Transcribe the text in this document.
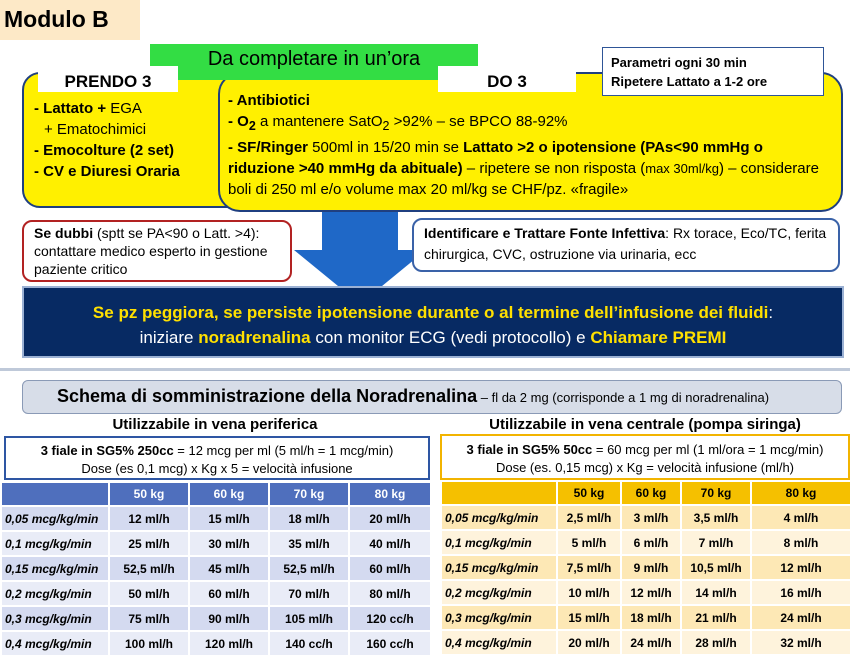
Modulo B
Da completare in un’ora	Parametri ogni 30 min
Ripetere Lattato a 1-2 ore
PRENDO 3	DO 3
- Lattato + EGA
+ Ematochimici
- Emocolture (2 set)
- CV e Diuresi Oraria
- Antibiotici
- $O_2$ a mantenere SatO$_2$ >92% – se BPCO 88-92%
- SF/Ringer 500ml in 15/20 min se Lattato >2 o ipotensione (PAs<90 mmHg o riduzione >40 mmHg da abituale) – ripetere se non risposta (max 30ml/kg) – considerare boli di 250 ml e/o volume max 20 ml/kg se CHF/pz. «fragile»
Se dubbi (sptt se PA<90 o Latt. >4): contattare medico esperto in gestione paziente critico
Identificare e Trattare Fonte Infettiva: Rx torace, Eco/TC, ferita chirurgica, CVC, ostruzione via urinaria, ecc
Se pz peggiora, se persiste ipotensione durante o al termine dell’infusione dei fluidi:
iniziare noradrenalina con monitor ECG (vedi protocollo) e Chiamare PREMI
Schema di somministrazione della Noradrenalina – fl da 2 mg (corrisponde a 1 mg di noradrenalina)
Utilizzabile in vena periferica	Utilizzabile in vena centrale (pompa siringa)
3 fiale in SG5% 250cc = 12 mcg per ml (5 ml/h = 1 mcg/min)
Dose (es 0,1 mcg) x Kg x 5 = velocità infusione
3 fiale in SG5% 50cc = 60 mcg per ml (1 ml/ora = 1 mcg/min)
Dose (es. 0,15 mcg) x Kg = velocità infusione (ml/h)
	50 kg	60 kg	70 kg	80 kg
0,05 mcg/kg/min	12 ml/h	15 ml/h	18 ml/h	20 ml/h
0,1 mcg/kg/min	25 ml/h	30 ml/h	35 ml/h	40 ml/h
0,15 mcg/kg/min	52,5 ml/h	45 ml/h	52,5 ml/h	60 ml/h
0,2 mcg/kg/min	50 ml/h	60 ml/h	70 ml/h	80 ml/h
0,3 mcg/kg/min	75 ml/h	90 ml/h	105 ml/h	120 cc/h
0,4 mcg/kg/min	100 ml/h	120 ml/h	140 cc/h	160 cc/h
	50 kg	60 kg	70 kg	80 kg
0,05 mcg/kg/min	2,5 ml/h	3 ml/h	3,5 ml/h	4 ml/h
0,1 mcg/kg/min	5 ml/h	6 ml/h	7 ml/h	8 ml/h
0,15 mcg/kg/min	7,5 ml/h	9 ml/h	10,5 ml/h	12 ml/h
0,2 mcg/kg/min	10 ml/h	12 ml/h	14 ml/h	16 ml/h
0,3 mcg/kg/min	15 ml/h	18 ml/h	21 ml/h	24 ml/h
0,4 mcg/kg/min	20 ml/h	24 ml/h	28 ml/h	32 ml/h
